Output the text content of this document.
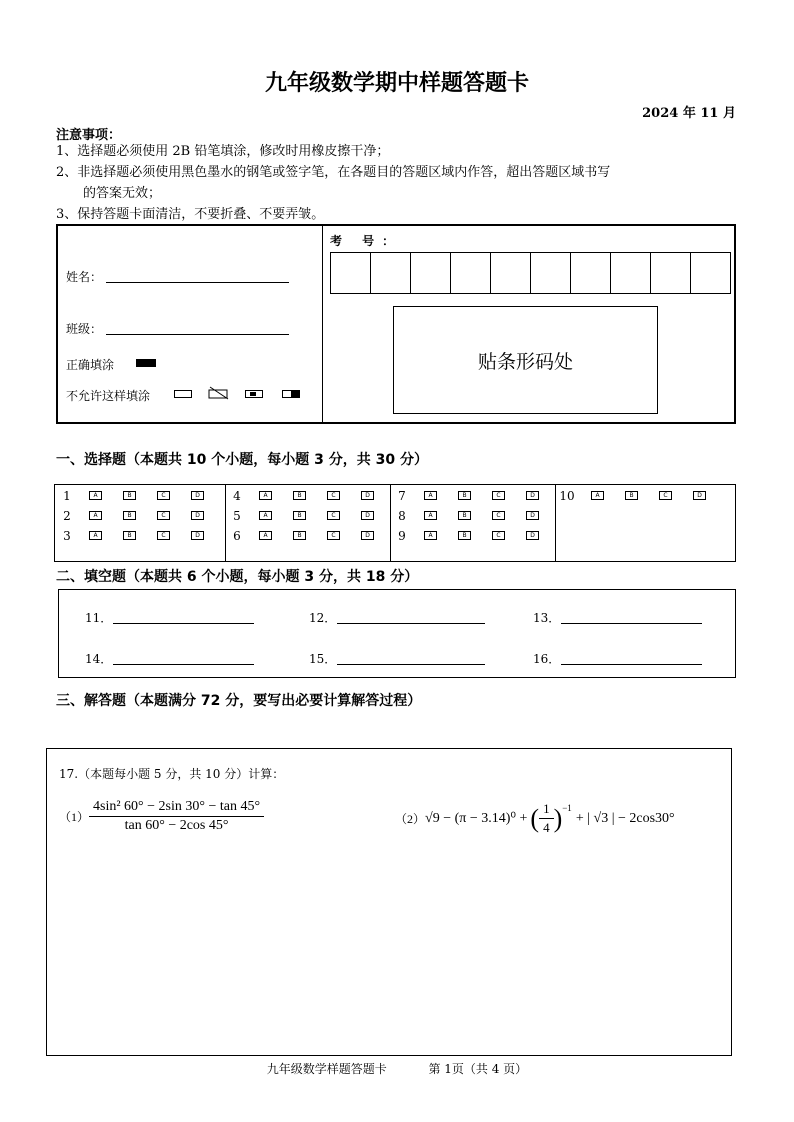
九年级数学期中样题答题卡
2024 年 11 月
注意事项：
1、选择题必须使用 2B 铅笔填涂，修改时用橡皮擦干净；
2、非选择题必须使用黑色墨水的钢笔或签字笔，在各题目的答题区域内作答，超出答题区域书写
的答案无效；
3、保持答题卡面清洁，不要折叠、不要弄皱。
姓名：
班级：
正确填涂
不允许这样填涂
考 号：
贴条形码处
一、选择题（本题共 10 个小题，每小题 3 分，共 30 分）
1	A	B	C	D
2	A	B	C	D
3	A	B	C	D
4	A	B	C	D
5	A	B	C	D
6	A	B	C	D
7	A	B	C	D
8	A	B	C	D
9	A	B	C	D
10	A	B	C	D
二、填空题（本题共 6 个小题，每小题 3 分，共 18 分）
11．	12．	13．
14．	15．	16．
三、解答题（本题满分 72 分，要写出必要计算解答过程）
17.（本题每小题 5 分，共 10 分）计算：
$(1) \frac{\text{4sin² 60° − 2sin 30° − tan 45°}}{\tan 60^\circ - 2\cos 45^\circ}$	（2） √9 − (π − 3.14)⁰ + ( $\frac{1}{4}$ ) −1
+ | √3 | − 2cos30°
九年级数学样题答题卡	第 1页（共 4 页）
